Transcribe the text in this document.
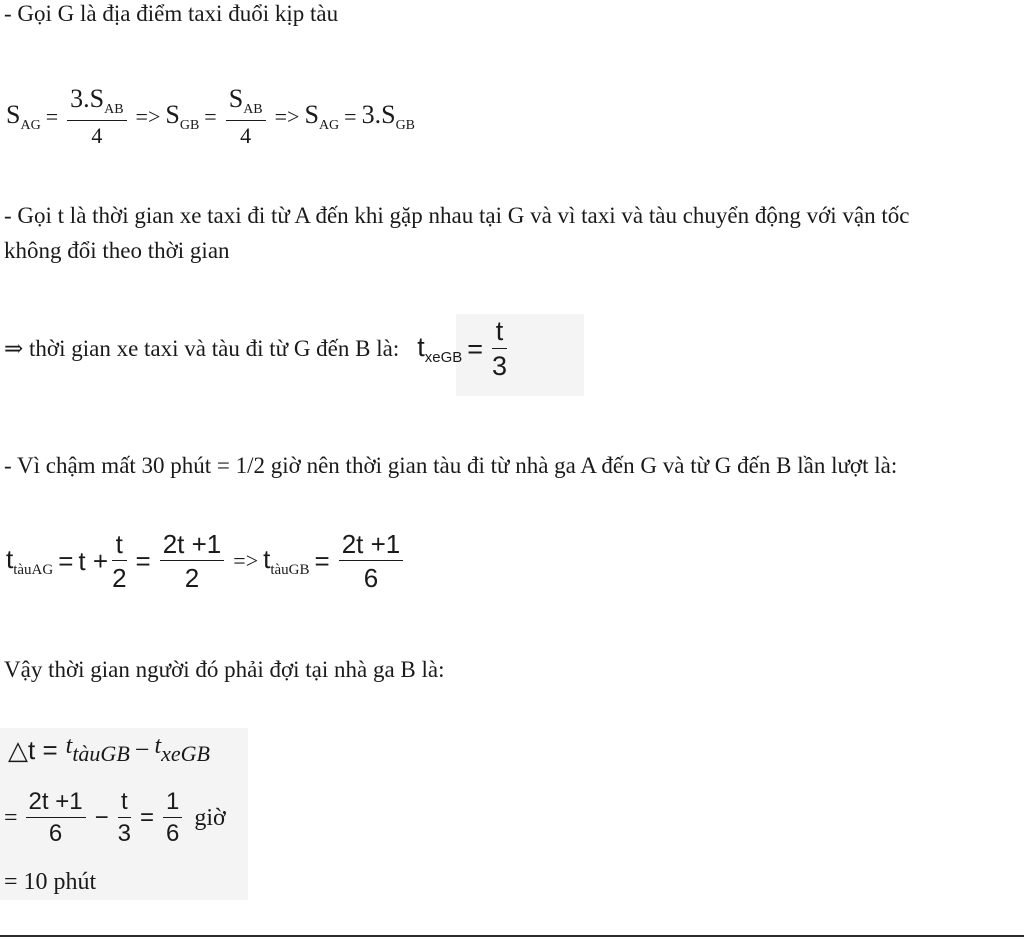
- Gọi G là địa điểm taxi đuổi kịp tàu
$S_{AG} = \frac{3.S_{AB}}{4} => S_{GB} = \frac{S_{AB}}{4} => S_{AG} = 3.S_{GB}$
- Gọi t là thời gian xe taxi đi từ A đến khi gặp nhau tại G và vì taxi và tàu chuyển động với vận tốc
không đổi theo thời gian
⇒ thời gian xe taxi và tàu đi từ G đến B là: $t_{xeGB} = \frac{t}{3}$
- Vì chậm mất 30 phút = 1/2 giờ nên thời gian tàu đi từ nhà ga A đến G và từ G đến B lần lượt là:
$t_{tàuAG} = t + \frac{t}{2} = \frac{2t +1}{2} => t_{tàuGB} = \frac{2t +1}{6}$
Vậy thời gian người đó phải đợi tại nhà ga B là:
△t = ttàuGB − txeGB
= $\frac{2t +1}{6} - \frac{t}{3} = \frac{1}{6}$ giờ
= 10 phút
